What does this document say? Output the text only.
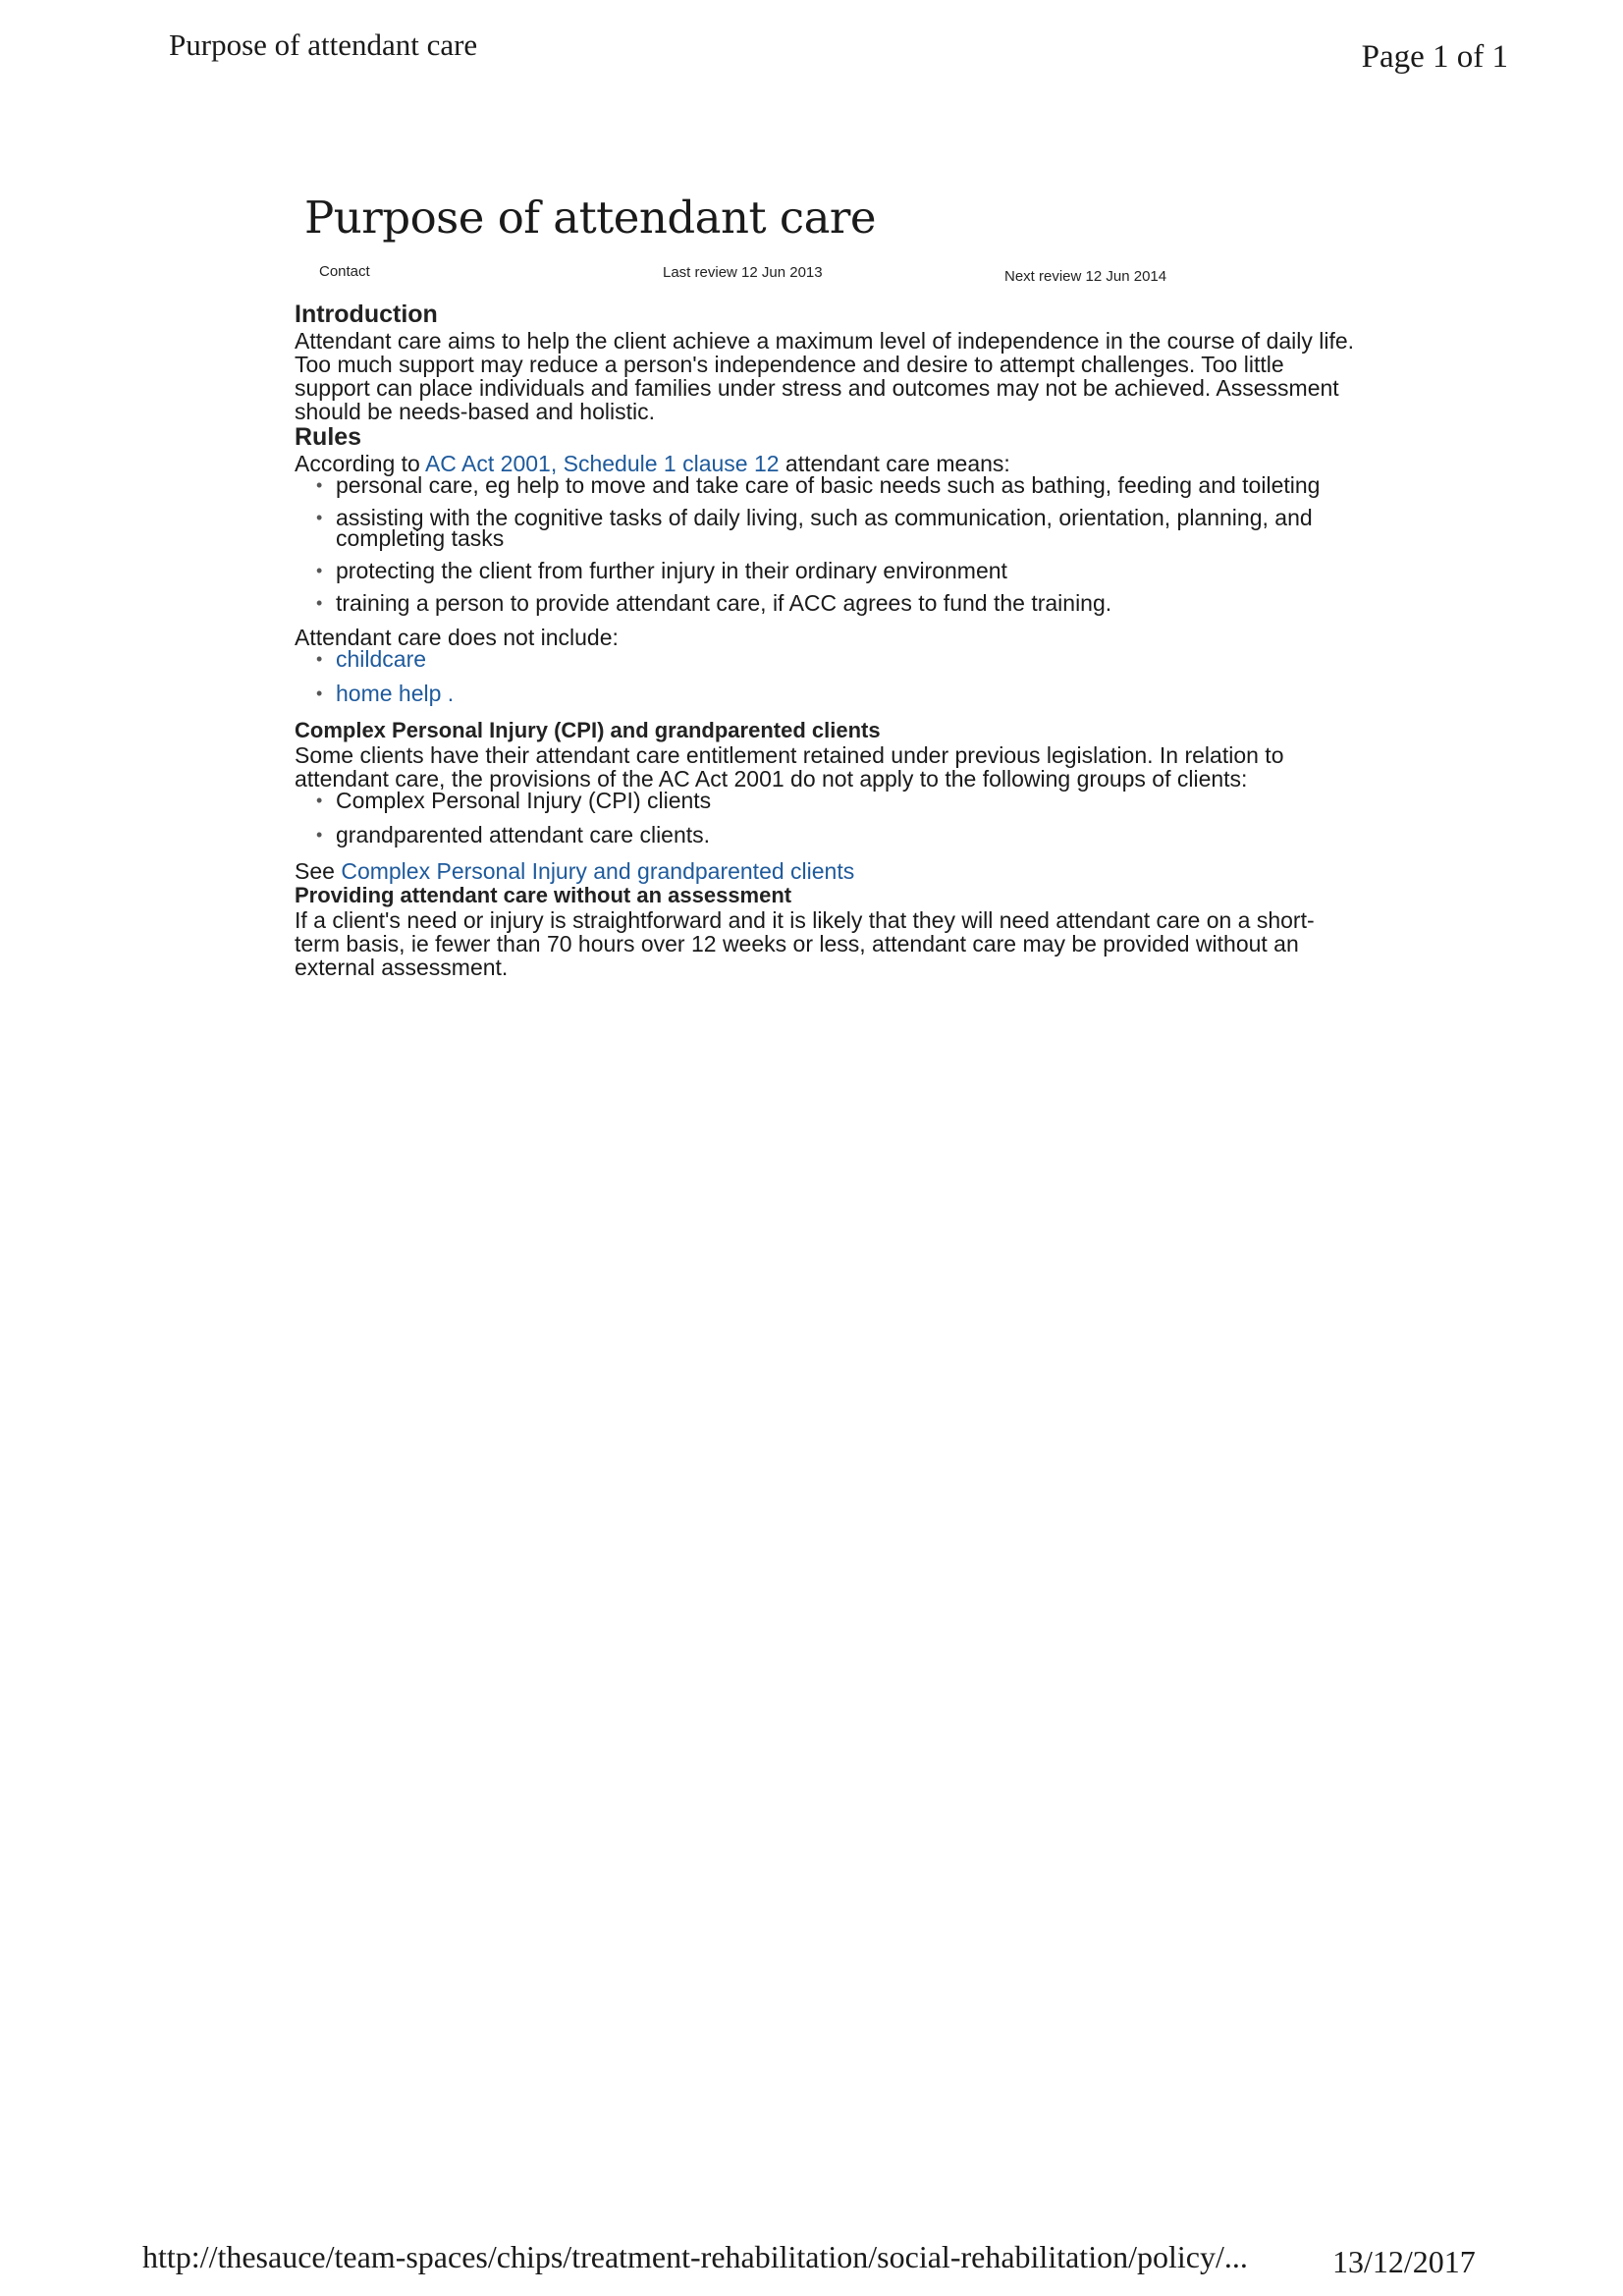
Purpose of attendant care	Page 1 of 1
Purpose of attendant care
Contact	Last review 12 Jun 2013	Next review 12 Jun 2014
Introduction

Attendant care aims to help the client achieve a maximum level of independence in the course of daily life. Too much support may reduce a person's independence and desire to attempt challenges. Too little support can place individuals and families under stress and outcomes may not be achieved. Assessment should be needs-based and holistic.

Rules

According to AC Act 2001, Schedule 1 clause 12 attendant care means:

• personal care, eg help to move and take care of basic needs such as bathing, feeding and toileting
• assisting with the cognitive tasks of daily living, such as communication, orientation, planning, and completing tasks
• protecting the client from further injury in their ordinary environment
• training a person to provide attendant care, if ACC agrees to fund the training.

Attendant care does not include:

• childcare
• home help .
Complex Personal Injury (CPI) and grandparented clients

Some clients have their attendant care entitlement retained under previous legislation. In relation to attendant care, the provisions of the AC Act 2001 do not apply to the following groups of clients:

• Complex Personal Injury (CPI) clients
• grandparented attendant care clients.

See Complex Personal Injury and grandparented clients

Providing attendant care without an assessment

If a client's need or injury is straightforward and it is likely that they will need attendant care on a short-term basis, ie fewer than 70 hours over 12 weeks or less, attendant care may be provided without an external assessment.

http://thesauce/team-spaces/chips/treatment-rehabilitation/social-rehabilitation/policy/...	13/12/2017
